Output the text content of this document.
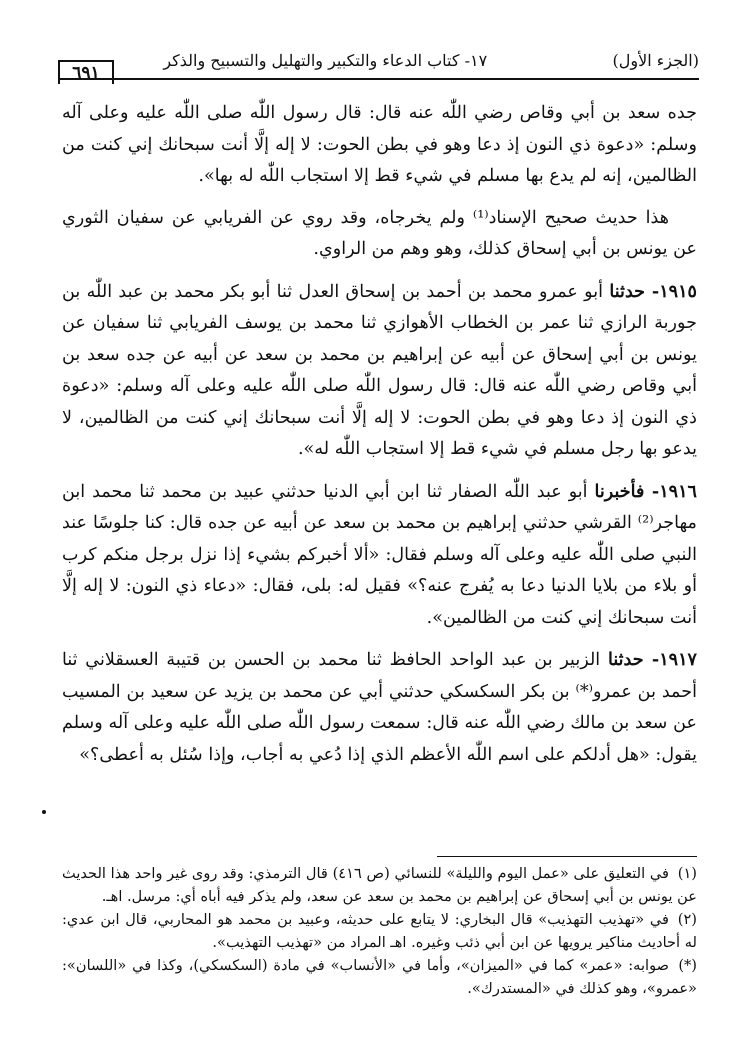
(الجزء الأول)
١٧- كتاب الدعاء والتكبير والتهليل والتسبيح والذكر
٦٩١

جده سعد بن أبي وقاص رضي اللّٰه عنه قال: قال رسول اللّٰه صلى اللّٰه عليه وعلى آله وسلم: «دعوة ذي النون إذ دعا وهو في بطن الحوت: لا إله إلَّا أنت سبحانك إني كنت من الظالمين، إنه لم يدع بها مسلم في شيء قط إلا استجاب اللّٰه له بها».

هذا حديث صحيح الإسناد⁽¹⁾ ولم يخرجاه، وقد روي عن الفريابي عن سفيان الثوري عن يونس بن أبي إسحاق كذلك، وهو وهم من الراوي.

١٩١٥- حدثنا أبو عمرو محمد بن أحمد بن إسحاق العدل ثنا أبو بكر محمد بن عبد اللّٰه بن جوربة الرازي ثنا عمر بن الخطاب الأهوازي ثنا محمد بن يوسف الفريابي ثنا سفيان عن يونس بن أبي إسحاق عن أبيه عن إبراهيم بن محمد بن سعد عن أبيه عن جده سعد بن أبي وقاص رضي اللّٰه عنه قال: قال رسول اللّٰه صلى اللّٰه عليه وعلى آله وسلم: «دعوة ذي النون إذ دعا وهو في بطن الحوت: لا إله إلَّا أنت سبحانك إني كنت من الظالمين، لا يدعو بها رجل مسلم في شيء قط إلا استجاب اللّٰه له».

١٩١٦- فأخبرنا أبو عبد اللّٰه الصفار ثنا ابن أبي الدنيا حدثني عبيد بن محمد ثنا محمد ابن مهاجر⁽²⁾ القرشي حدثني إبراهيم بن محمد بن سعد عن أبيه عن جده قال: كنا جلوسًا عند النبي صلى اللّٰه عليه وعلى آله وسلم فقال: «ألا أخبركم بشيء إذا نزل برجل منكم كرب أو بلاء من بلايا الدنيا دعا به يُفرج عنه؟» فقيل له: بلى، فقال: «دعاء ذي النون: لا إله إلَّا أنت سبحانك إني كنت من الظالمين».

١٩١٧- حدثنا الزبير بن عبد الواحد الحافظ ثنا محمد بن الحسن بن قتيبة العسقلاني ثنا أحمد بن عمرو⁽*⁾ بن بكر السكسكي حدثني أبي عن محمد بن يزيد عن سعيد بن المسيب عن سعد بن مالك رضي اللّٰه عنه قال: سمعت رسول اللّٰه صلى اللّٰه عليه وعلى آله وسلم يقول: «هل أدلكم على اسم اللّٰه الأعظم الذي إذا دُعي به أجاب، وإذا سُئل به أعطى؟»

(١)في التعليق على «عمل اليوم والليلة» للنسائي (ص ٤١٦) قال الترمذي: وقد روى غير واحد هذا الحديث عن يونس بن أبي إسحاق عن إبراهيم بن محمد بن سعد عن سعد، ولم يذكر فيه أباه أي: مرسل. اهـ.

(٢)في «تهذيب التهذيب» قال البخاري: لا يتابع على حديثه، وعبيد بن محمد هو المحاربي، قال ابن عدي: له أحاديث مناكير يرويها عن ابن أبي ذئب وغيره. اهـ المراد من «تهذيب التهذيب».

(*)صوابه: «عمر» كما في «الميزان»، وأما في «الأنساب» في مادة (السكسكي)، وكذا في «اللسان»: «عمرو»، وهو كذلك في «المستدرك».
